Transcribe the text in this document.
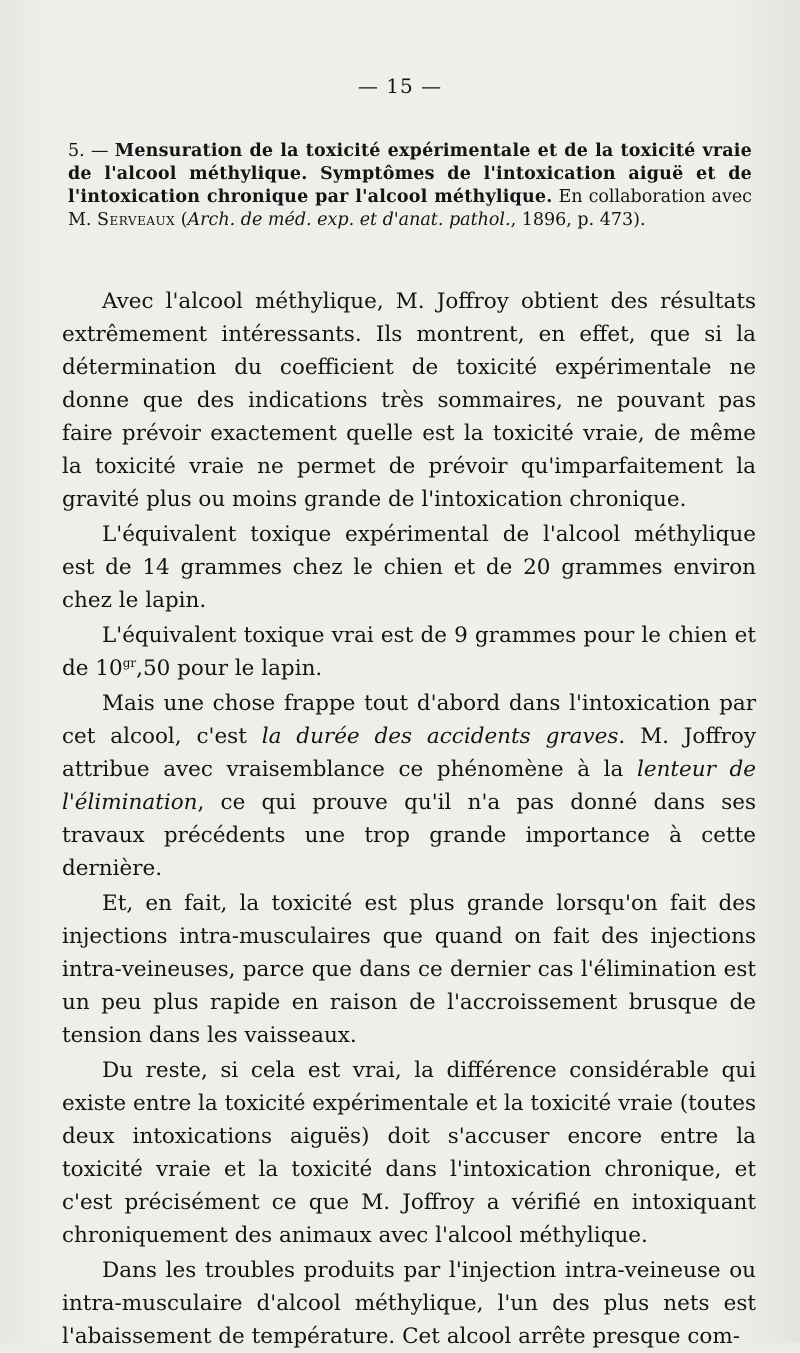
— 15 —
5. — Mensuration de la toxicité expérimentale et de la toxicité vraie de l'alcool méthylique. Symptômes de l'intoxication aiguë et de l'intoxication chronique par l'alcool méthylique. En collaboration avec M. Serveaux (Arch. de méd. exp. et d'anat. pathol., 1896, p. 473).

Avec l'alcool méthylique, M. Joffroy obtient des résultats extrêmement intéressants. Ils montrent, en effet, que si la détermination du coefficient de toxicité expérimentale ne donne que des indications très sommaires, ne pouvant pas faire prévoir exactement quelle est la toxicité vraie, de même la toxicité vraie ne permet de prévoir qu'imparfaitement la gravité plus ou moins grande de l'intoxication chronique.

L'équivalent toxique expérimental de l'alcool méthylique est de 14 grammes chez le chien et de 20 grammes environ chez le lapin.

L'équivalent toxique vrai est de 9 grammes pour le chien et de $10^{gr},50$ pour le lapin.

Mais une chose frappe tout d'abord dans l'intoxication par cet alcool, c'est la durée des accidents graves. M. Joffroy attribue avec vraisemblance ce phénomène à la lenteur de l'élimination, ce qui prouve qu'il n'a pas donné dans ses travaux précédents une trop grande importance à cette dernière.

Et, en fait, la toxicité est plus grande lorsqu'on fait des injections intra-musculaires que quand on fait des injections intra-veineuses, parce que dans ce dernier cas l'élimination est un peu plus rapide en raison de l'accroissement brusque de tension dans les vaisseaux.

Du reste, si cela est vrai, la différence considérable qui existe entre la toxicité expérimentale et la toxicité vraie (toutes deux intoxications aiguës) doit s'accuser encore entre la toxicité vraie et la toxicité dans l'intoxication chronique, et c'est précisément ce que M. Joffroy a vérifié en intoxiquant chroniquement des animaux avec l'alcool méthylique.

Dans les troubles produits par l'injection intra-veineuse ou intra-musculaire d'alcool méthylique, l'un des plus nets est l'abaissement de température. Cet alcool arrête presque com-
